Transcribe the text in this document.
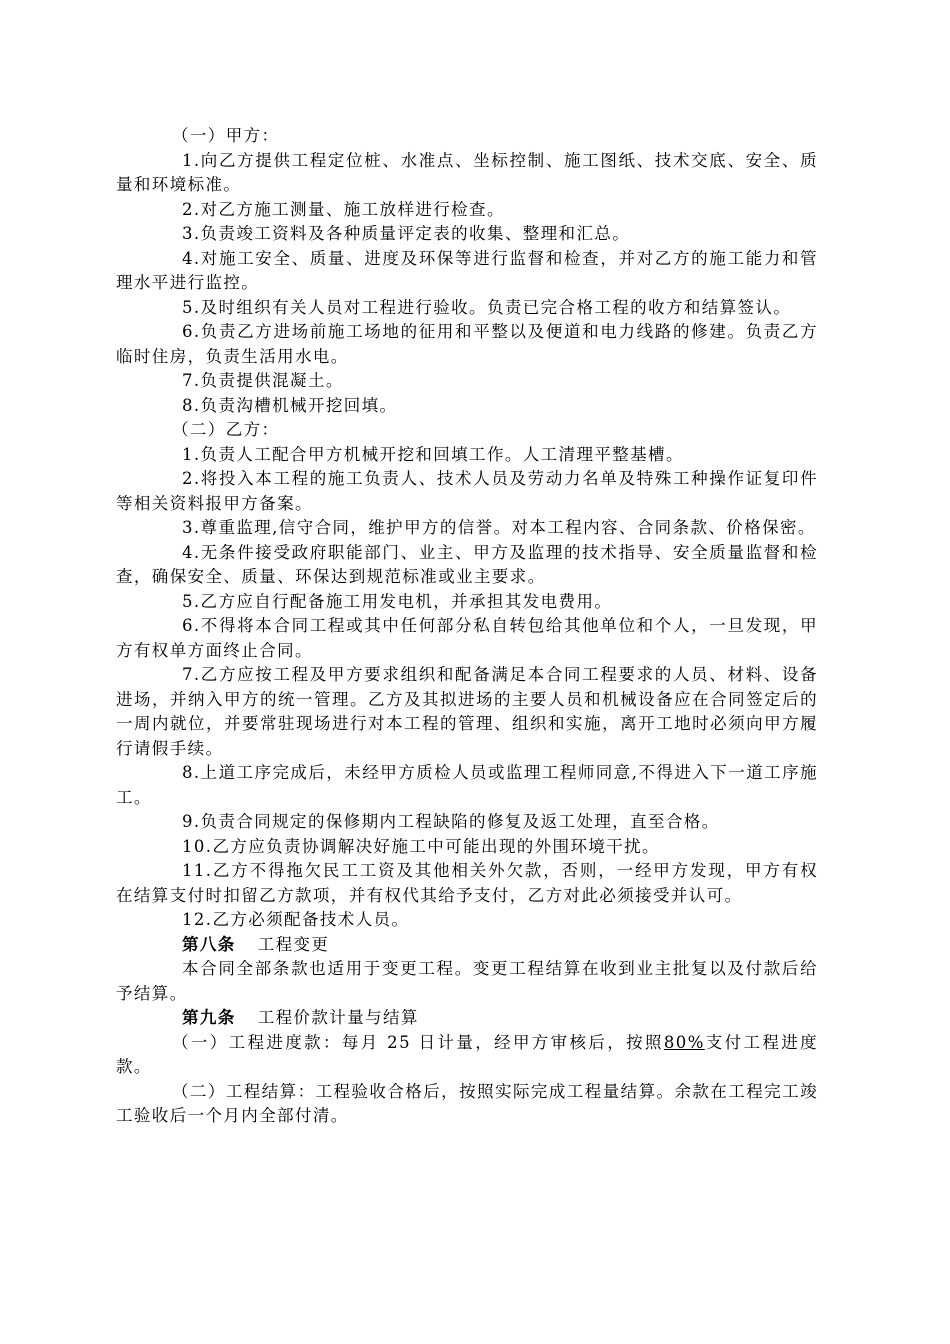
（一）甲方：

1.向乙方提供工程定位桩、水准点、坐标控制、施工图纸、技术交底、安全、质量和环境标准。

2.对乙方施工测量、施工放样进行检查。

3.负责竣工资料及各种质量评定表的收集、整理和汇总。

4.对施工安全、质量、进度及环保等进行监督和检查，并对乙方的施工能力和管理水平进行监控。

5.及时组织有关人员对工程进行验收。负责已完合格工程的收方和结算签认。

6.负责乙方进场前施工场地的征用和平整以及便道和电力线路的修建。负责乙方临时住房，负责生活用水电。

7.负责提供混凝土。

8.负责沟槽机械开挖回填。

（二）乙方：

1.负责人工配合甲方机械开挖和回填工作。人工清理平整基槽。

2.将投入本工程的施工负责人、技术人员及劳动力名单及特殊工种操作证复印件等相关资料报甲方备案。

3.尊重监理,信守合同，维护甲方的信誉。对本工程内容、合同条款、价格保密。

4.无条件接受政府职能部门、业主、甲方及监理的技术指导、安全质量监督和检查，确保安全、质量、环保达到规范标准或业主要求。

5.乙方应自行配备施工用发电机，并承担其发电费用。

6.不得将本合同工程或其中任何部分私自转包给其他单位和个人，一旦发现，甲方有权单方面终止合同。

7.乙方应按工程及甲方要求组织和配备满足本合同工程要求的人员、材料、设备进场，并纳入甲方的统一管理。乙方及其拟进场的主要人员和机械设备应在合同签定后的一周内就位，并要常驻现场进行对本工程的管理、组织和实施，离开工地时必须向甲方履行请假手续。

8.上道工序完成后，未经甲方质检人员或监理工程师同意,不得进入下一道工序施工。

9.负责合同规定的保修期内工程缺陷的修复及返工处理，直至合格。

10.乙方应负责协调解决好施工中可能出现的外围环境干扰。

11.乙方不得拖欠民工工资及其他相关外欠款，否则，一经甲方发现，甲方有权在结算支付时扣留乙方款项，并有权代其给予支付，乙方对此必须接受并认可。

12.乙方必须配备技术人员。

第八条 工程变更

本合同全部条款也适用于变更工程。变更工程结算在收到业主批复以及付款后给予结算。

第九条 工程价款计量与结算

（一）工程进度款：每月 25 日计量，经甲方审核后，按照80%支付工程进度款。

（二）工程结算：工程验收合格后，按照实际完成工程量结算。余款在工程完工竣工验收后一个月内全部付清。
